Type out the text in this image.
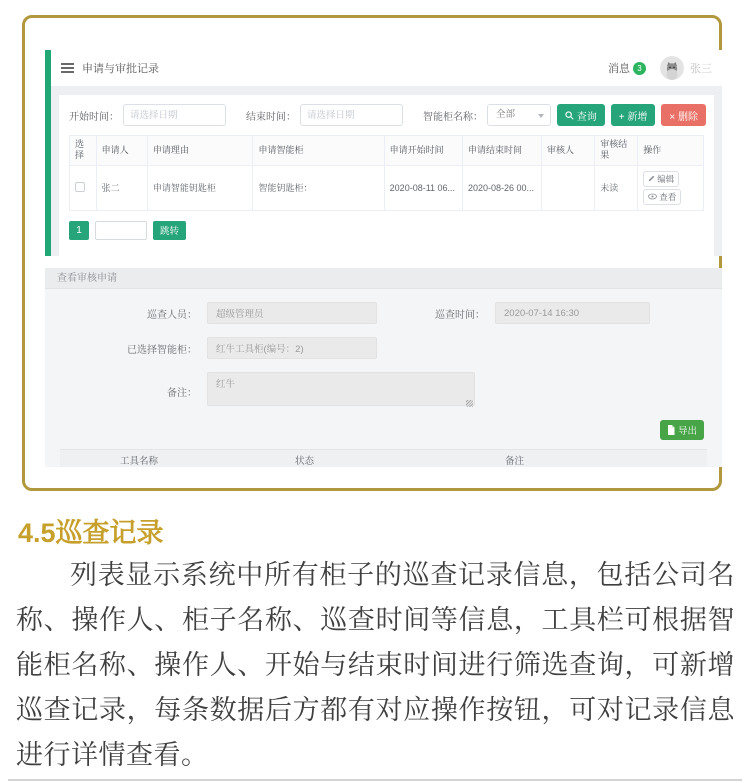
申请与审批记录	消息 3	张三
开始时间：
请选择日期	结束时间：
请选择日期	智能柜名称：	全部	查询 + 新增 × 删除
选择	申请人	申请理由	申请智能柜	申请开始时间	申请结束时间	审核人	审核结果	操作
	张二	申请智能钥匙柜	智能钥匙柜：	2020-08-11 06...	2020-08-26 00...		未读	编辑
查看
1	跳转
查看审核申请
巡查人员：
超级管理员	巡查时间：
2020-07-14 16:30
已选择智能柜：
红牛工具柜(编号：2)
备注：
红牛
导出
工具名称	状态	备注
4.5巡查记录

列表显示系统中所有柜子的巡查记录信息，包括公司名称、操作人、柜子名称、巡查时间等信息，工具栏可根据智能柜名称、操作人、开始与结束时间进行筛选查询，可新增巡查记录，每条数据后方都有对应操作按钮，可对记录信息进行详情查看。
